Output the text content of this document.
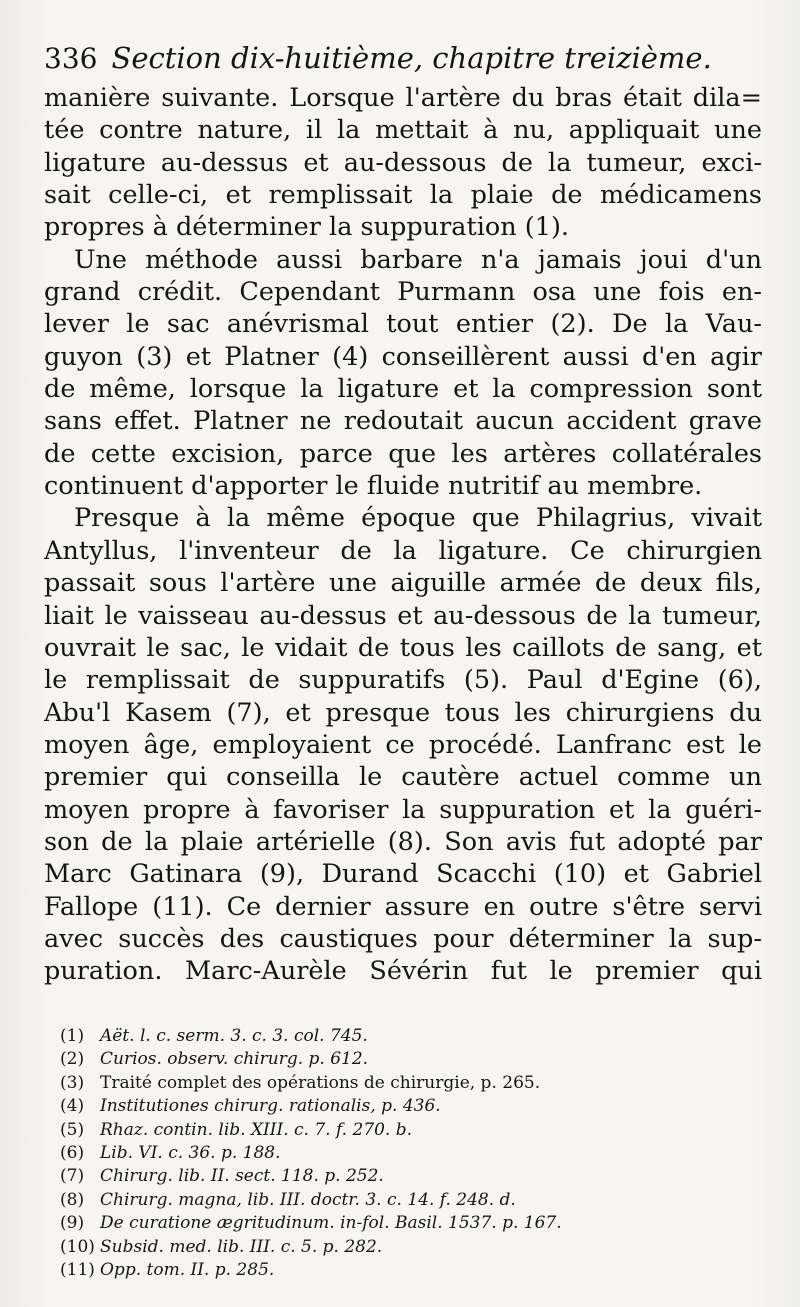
336 Section dix-huitième, chapitre treizième.
manière suivante. Lorsque l'artère du bras était dila=
tée contre nature, il la mettait à nu, appliquait une
ligature au-dessus et au-dessous de la tumeur, exci-
sait celle-ci, et remplissait la plaie de médicamens
propres à déterminer la suppuration (1).
Une méthode aussi barbare n'a jamais joui d'un
grand crédit. Cependant Purmann osa une fois en-
lever le sac anévrismal tout entier (2). De la Vau-
guyon (3) et Platner (4) conseillèrent aussi d'en agir
de même, lorsque la ligature et la compression sont
sans effet. Platner ne redoutait aucun accident grave
de cette excision, parce que les artères collatérales
continuent d'apporter le fluide nutritif au membre.
Presque à la même époque que Philagrius, vivait
Antyllus, l'inventeur de la ligature. Ce chirurgien
passait sous l'artère une aiguille armée de deux fils,
liait le vaisseau au-dessus et au-dessous de la tumeur,
ouvrait le sac, le vidait de tous les caillots de sang, et
le remplissait de suppuratifs (5). Paul d'Egine (6),
Abu'l Kasem (7), et presque tous les chirurgiens du
moyen âge, employaient ce procédé. Lanfranc est le
premier qui conseilla le cautère actuel comme un
moyen propre à favoriser la suppuration et la guéri-
son de la plaie artérielle (8). Son avis fut adopté par
Marc Gatinara (9), Durand Scacchi (10) et Gabriel
Fallope (11). Ce dernier assure en outre s'être servi
avec succès des caustiques pour déterminer la sup-
puration. Marc-Aurèle Sévérin fut le premier qui
(1) Aët. l. c. serm. 3. c. 3. col. 745.
(2) Curios. observ. chirurg. p. 612.
(3) Traité complet des opérations de chirurgie, p. 265.
(4) Institutiones chirurg. rationalis, p. 436.
(5) Rhaz. contin. lib. XIII. c. 7. f. 270. b.
(6) Lib. VI. c. 36. p. 188.
(7) Chirurg. lib. II. sect. 118. p. 252.
(8) Chirurg. magna, lib. III. doctr. 3. c. 14. f. 248. d.
(9) De curatione ægritudinum. in-fol. Basil. 1537. p. 167.
(10) Subsid. med. lib. III. c. 5. p. 282.
(11) Opp. tom. II. p. 285.
